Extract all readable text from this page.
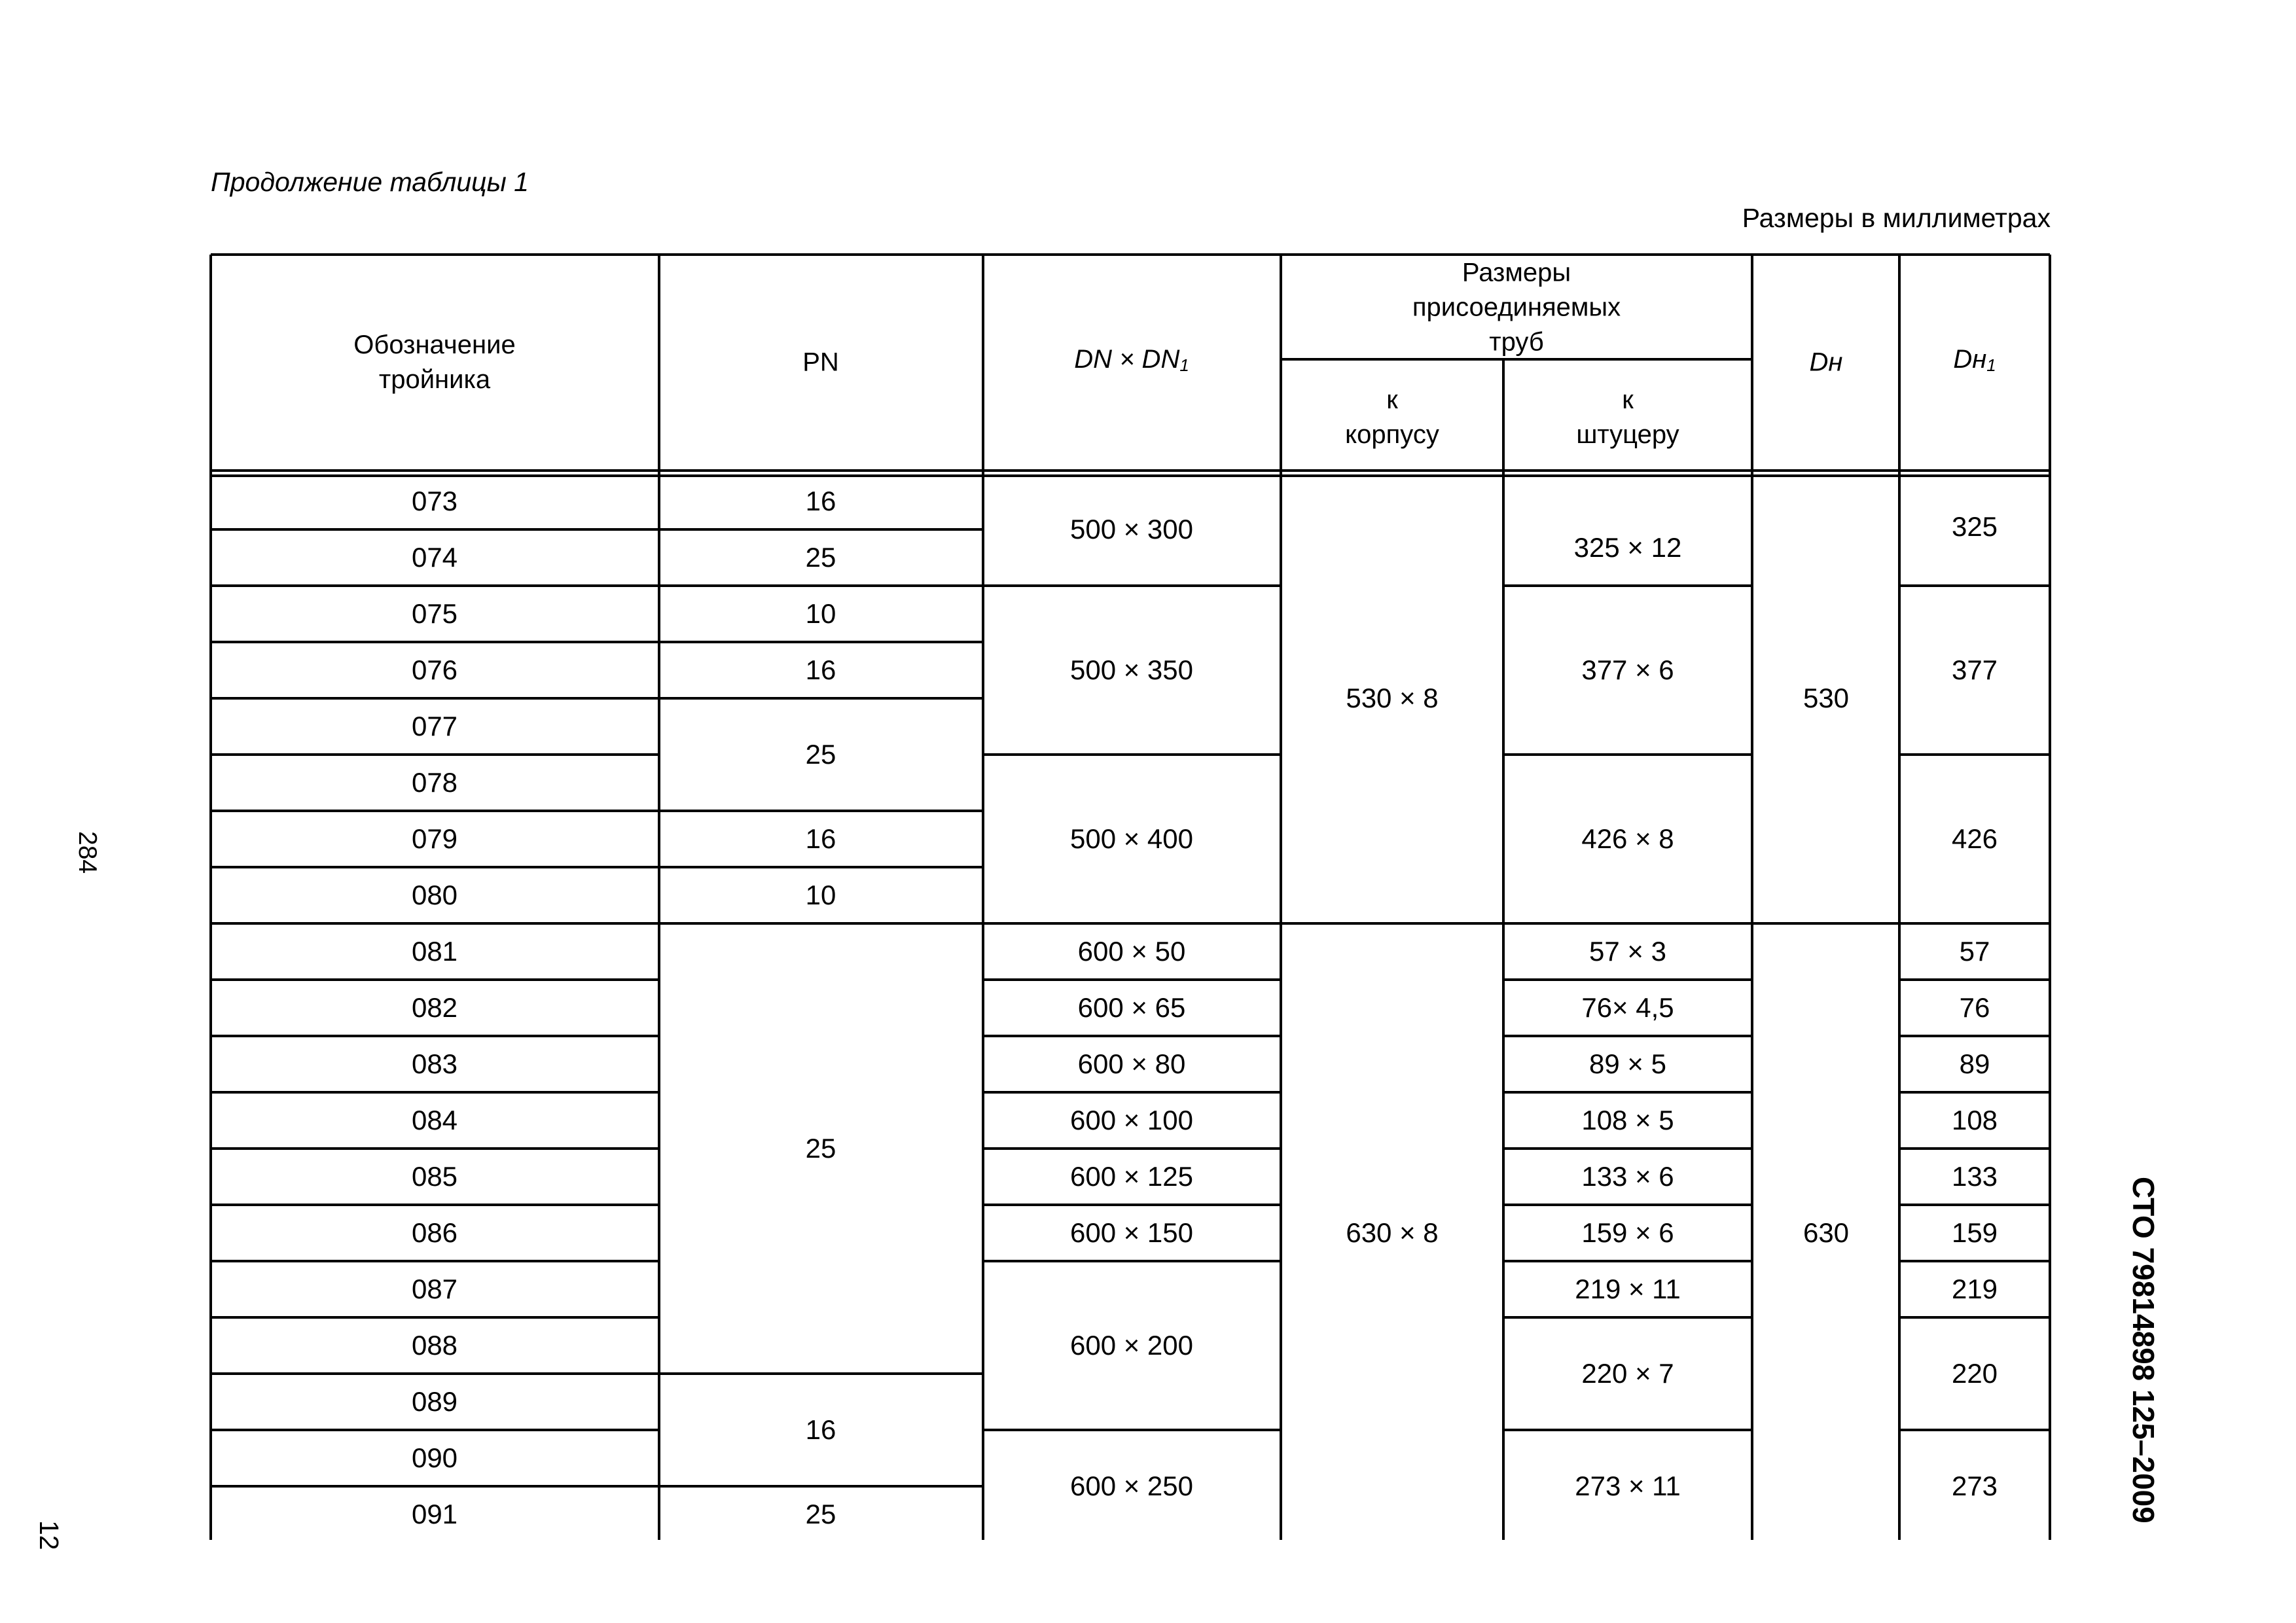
Продолжение таблицы 1
Размеры в миллиметрах
284
12
СТО 79814898 125–2009
Обозначение
тройника
PN	DN × $DN_1$
Размеры
присоединяемых
труб
к
корпусу
к
штуцеру
Dн	$Dн_1$
073
074
075
076
077
078
079
080
081
082
083
084
085
086
087
088
089
090
091
16
25
10
16
25
16
10
25
16
25
500 × 300
500 × 350
500 × 400
600 × 50
600 × 65
600 × 80
600 × 100
600 × 125
600 × 150
600 × 200
600 × 250
530 × 8
630 × 8
325 × 12
377 × 6
426 × 8
57 × 3
76× 4,5
89 × 5
108 × 5
133 × 6
159 × 6
219 × 11
220 × 7
273 × 11
530
630
325
377
426
57
76
89
108
133
159
219
220
273
